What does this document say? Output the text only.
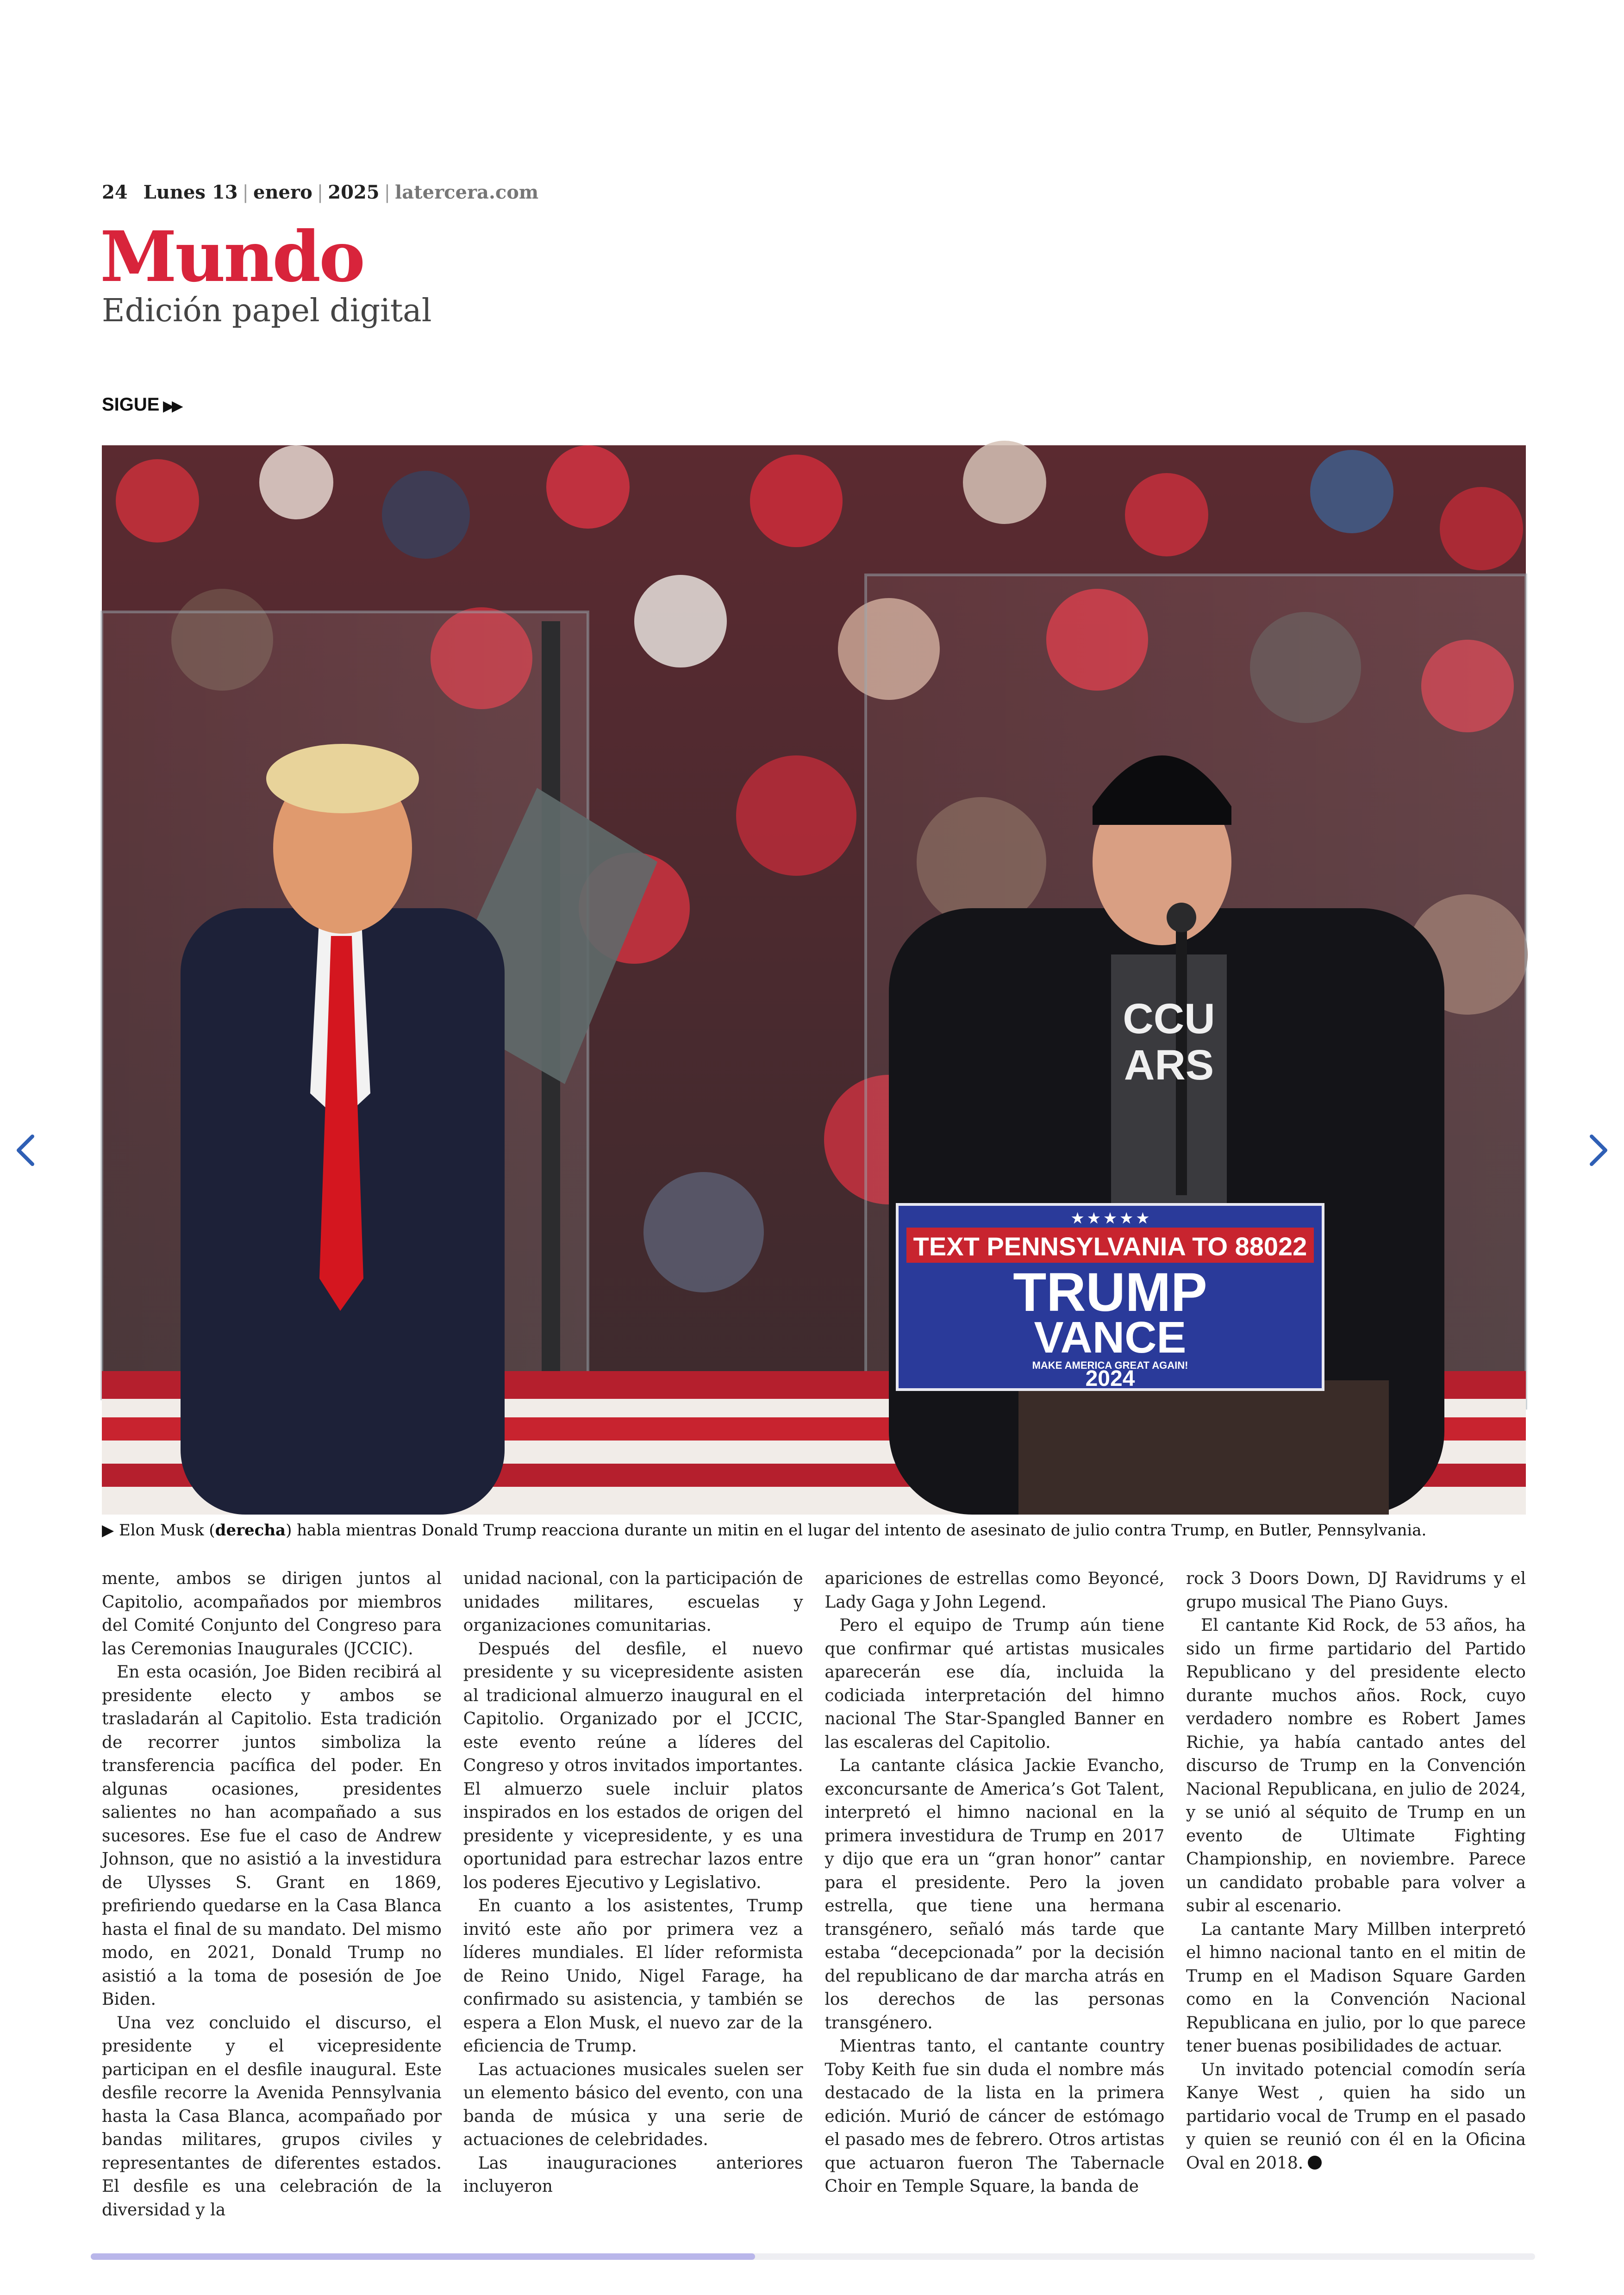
24 Lunes 13 | enero | 2025 | latercera.com
Mundo
Edición papel digital
SIGUE ▶▶
★ ★ ★ ★ ★
TEXT PENNSYLVANIA TO 88022
TRUMP
VANCE
MAKE AMERICA GREAT AGAIN!
2024
CCU
ARS
▶ Elon Musk (derecha) habla mientras Donald Trump reacciona durante un mitin en el lugar del intento de asesinato de julio contra Trump, en Butler, Pennsylvania.

mente, ambos se dirigen juntos al Capitolio, acompañados por miembros del Comité Conjunto del Congreso para las Ceremonias Inaugurales (JCCIC).

En esta ocasión, Joe Biden recibirá al presidente electo y ambos se trasladarán al Capitolio. Esta tradición de recorrer juntos simboliza la transferencia pacífica del poder. En algunas ocasiones, presidentes salientes no han acompañado a sus sucesores. Ese fue el caso de Andrew Johnson, que no asistió a la investidura de Ulysses S. Grant en 1869, prefiriendo quedarse en la Casa Blanca hasta el final de su mandato. Del mismo modo, en 2021, Donald Trump no asistió a la toma de posesión de Joe Biden.

Una vez concluido el discurso, el presidente y el vicepresidente participan en el desfile inaugural. Este desfile recorre la Avenida Pennsylvania hasta la Casa Blanca, acompañado por bandas militares, grupos civiles y representantes de diferentes estados. El desfile es una celebración de la diversidad y la

unidad nacional, con la participación de unidades militares, escuelas y organizaciones comunitarias.

Después del desfile, el nuevo presidente y su vicepresidente asisten al tradicional almuerzo inaugural en el Capitolio. Organizado por el JCCIC, este evento reúne a líderes del Congreso y otros invitados importantes. El almuerzo suele incluir platos inspirados en los estados de origen del presidente y vicepresidente, y es una oportunidad para estrechar lazos entre los poderes Ejecutivo y Legislativo.

En cuanto a los asistentes, Trump invitó este año por primera vez a líderes mundiales. El líder reformista de Reino Unido, Nigel Farage, ha confirmado su asistencia, y también se espera a Elon Musk, el nuevo zar de la eficiencia de Trump.

Las actuaciones musicales suelen ser un elemento básico del evento, con una banda de música y una serie de actuaciones de celebridades.

Las inauguraciones anteriores incluyeron

apariciones de estrellas como Beyoncé, Lady Gaga y John Legend.

Pero el equipo de Trump aún tiene que confirmar qué artistas musicales aparecerán ese día, incluida la codiciada interpretación del himno nacional The Star-Spangled Banner en las escaleras del Capitolio.

La cantante clásica Jackie Evancho, exconcursante de America’s Got Talent, interpretó el himno nacional en la primera investidura de Trump en 2017 y dijo que era un “gran honor” cantar para el presidente. Pero la joven estrella, que tiene una hermana transgénero, señaló más tarde que estaba “decepcionada” por la decisión del republicano de dar marcha atrás en los derechos de las personas transgénero.

Mientras tanto, el cantante country Toby Keith fue sin duda el nombre más destacado de la lista en la primera edición. Murió de cáncer de estómago el pasado mes de febrero. Otros artistas que actuaron fueron The Tabernacle Choir en Temple Square, la banda de

rock 3 Doors Down, DJ Ravidrums y el grupo musical The Piano Guys.

El cantante Kid Rock, de 53 años, ha sido un firme partidario del Partido Republicano y del presidente electo durante muchos años. Rock, cuyo verdadero nombre es Robert James Richie, ya había cantado antes del discurso de Trump en la Convención Nacional Republicana, en julio de 2024, y se unió al séquito de Trump en un evento de Ultimate Fighting Championship, en noviembre. Parece un candidato probable para volver a subir al escenario.

La cantante Mary Millben interpretó el himno nacional tanto en el mitin de Trump en el Madison Square Garden como en la Convención Nacional Republicana en julio, por lo que parece tener buenas posibilidades de actuar.

Un invitado potencial comodín sería Kanye West , quien ha sido un partidario vocal de Trump en el pasado y quien se reunió con él en la Oficina Oval en 2018.
